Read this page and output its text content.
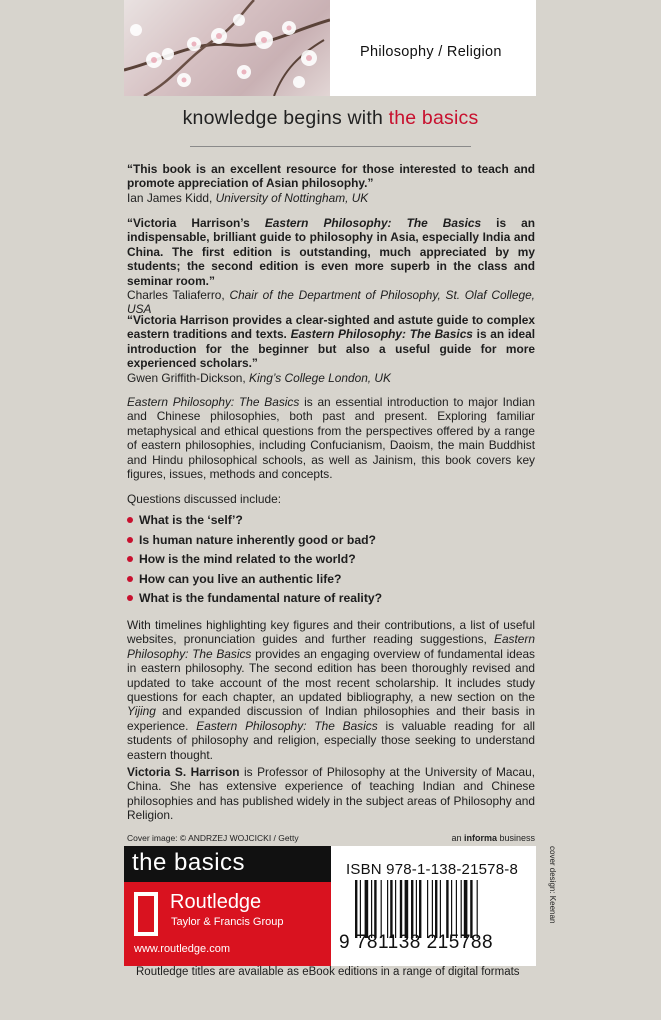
Philosophy / Religion
knowledge begins with the basics
“This book is an excellent resource for those interested to teach and promote appreciation of Asian philosophy.”
Ian James Kidd, University of Nottingham, UK
“Victoria Harrison’s Eastern Philosophy: The Basics is an indispensable, brilliant guide to philosophy in Asia, especially India and China. The first edition is outstanding, much appreciated by my students; the second edition is even more superb in the class and seminar room.”
Charles Taliaferro, Chair of the Department of Philosophy, St. Olaf College, USA
“Victoria Harrison provides a clear-sighted and astute guide to complex eastern traditions and texts. Eastern Philosophy: The Basics is an ideal introduction for the beginner but also a useful guide for more experienced scholars.”
Gwen Griffith-Dickson, King’s College London, UK
Eastern Philosophy: The Basics is an essential introduction to major Indian and Chinese philosophies, both past and present. Exploring familiar metaphysical and ethical questions from the perspectives offered by a range of eastern philosophies, including Confucianism, Daoism, the main Buddhist and Hindu philosophical schools, as well as Jainism, this book covers key figures, issues, methods and concepts.
Questions discussed include:
What is the ‘self’?
Is human nature inherently good or bad?
How is the mind related to the world?
How can you live an authentic life?
What is the fundamental nature of reality?
With timelines highlighting key figures and their contributions, a list of useful websites, pronunciation guides and further reading suggestions, Eastern Philosophy: The Basics provides an engaging overview of fundamental ideas in eastern philosophy. The second edition has been thoroughly revised and updated to take account of the most recent scholarship. It includes study questions for each chapter, an updated bibliography, a new section on the Yijing and expanded discussion of Indian philosophies and their basis in experience. Eastern Philosophy: The Basics is valuable reading for all students of philosophy and religion, especially those seeking to understand eastern thought.
Victoria S. Harrison is Professor of Philosophy at the University of Macau, China. She has extensive experience of teaching Indian and Chinese philosophies and has published widely in the subject areas of Philosophy and Religion.
Cover image: © ANDRZEJ WOJCICKI / Getty	an informa business
the basics
Routledge
Taylor & Francis Group
www.routledge.com
ISBN 978-1-138-21578-8
9 781138 215788
cover design: Keenan
Routledge titles are available as eBook editions in a range of digital formats
